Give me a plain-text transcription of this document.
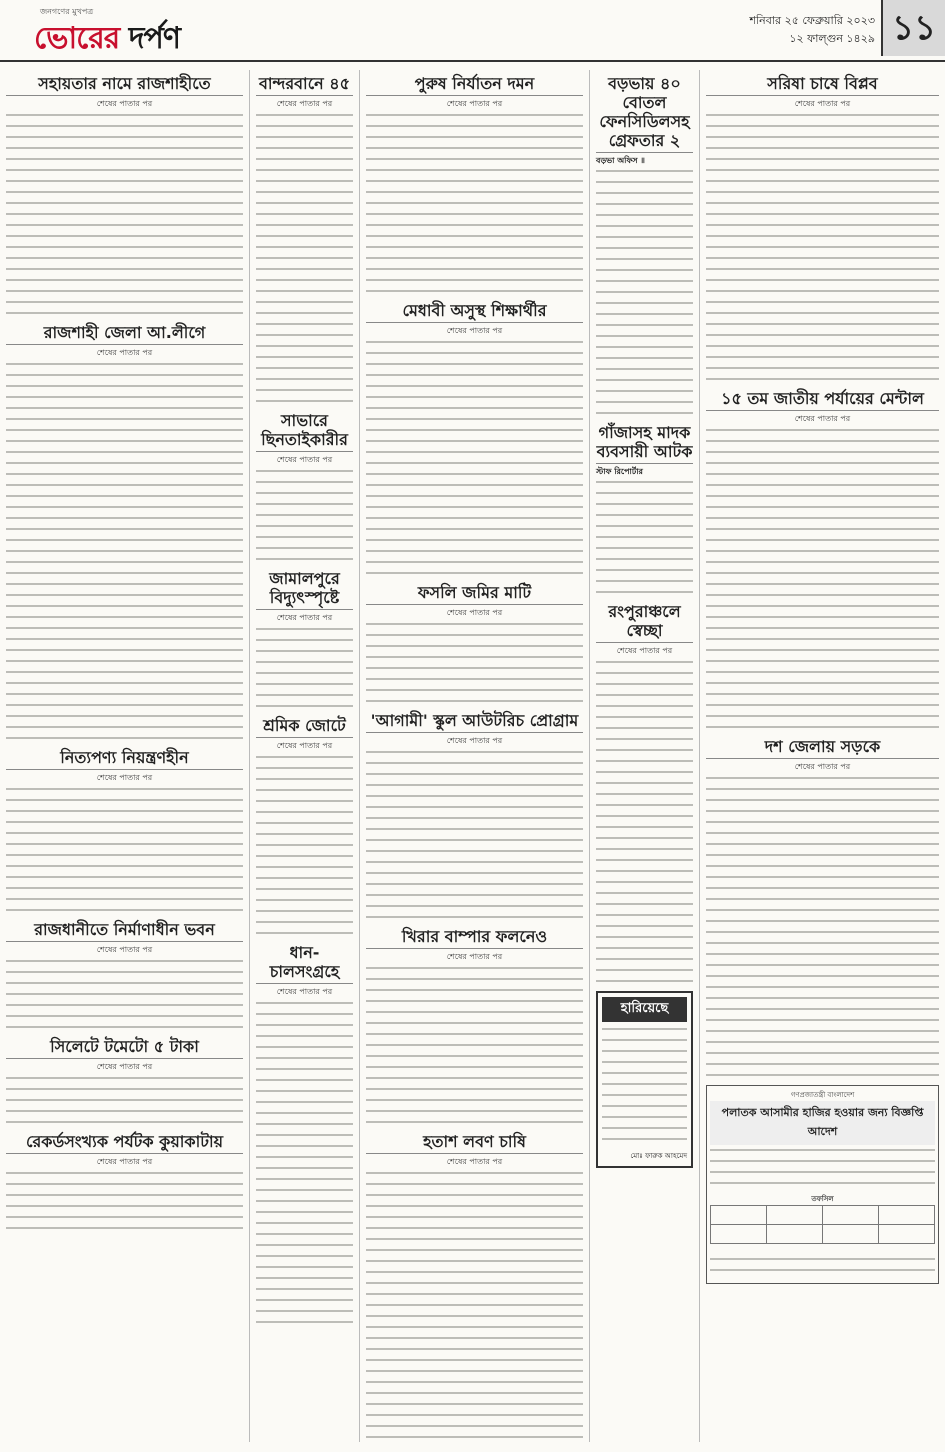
জনগণের মুখপত্র
ভোরের দর্পণ
শনিবার ২৫ ফেব্রুয়ারি ২০২৩
১২ ফাল্গুন ১৪২৯ ১১
সহায়তার নামে রাজশাহীতে
শেষের পাতার পর
রাজশাহী জেলা আ.লীগে
শেষের পাতার পর
নিত্যপণ্য নিয়ন্ত্রণহীন
শেষের পাতার পর
রাজধানীতে নির্মাণাধীন ভবন
শেষের পাতার পর
সিলেটে টমেটো ৫ টাকা
শেষের পাতার পর
রেকর্ডসংখ্যক পর্যটক কুয়াকাটায়
শেষের পাতার পর
বান্দরবানে ৪৫
শেষের পাতার পর
সাভারে ছিনতাইকারীর
শেষের পাতার পর
জামালপুরে বিদ্যুৎস্পৃষ্টে
শেষের পাতার পর
শ্রমিক জোটে
শেষের পাতার পর
ধান-চালসংগ্রহে
শেষের পাতার পর
পুরুষ নির্যাতন দমন
শেষের পাতার পর
মেধাবী অসুস্থ শিক্ষার্থীর
শেষের পাতার পর
ফসলি জমির মাটি
শেষের পাতার পর
'আগামী' স্কুল আউটরিচ প্রোগ্রাম
শেষের পাতার পর
খিরার বাম্পার ফলনেও
শেষের পাতার পর
হতাশ লবণ চাষি
শেষের পাতার পর
বড়ভায় ৪০ বোতল ফেনসিডিলসহ গ্রেফতার ২
বড়ভা অফিস ॥
গাঁজাসহ মাদক ব্যবসায়ী আটক
স্টাফ রিপোর্টার
রংপুরাঞ্চলে স্বেচ্ছা
শেষের পাতার পর
হারিয়েছে
মোঃ ফারুক আহমেদ
সরিষা চাষে বিপ্লব
শেষের পাতার পর
১৫ তম জাতীয় পর্যায়ের মেন্টাল
শেষের পাতার পর
দশ জেলায় সড়কে
শেষের পাতার পর
গণপ্রজাতন্ত্রী বাংলাদেশ
পলাতক আসামীর হাজির হওয়ার জন্য বিজ্ঞপ্তি আদেশ
তফসিল
